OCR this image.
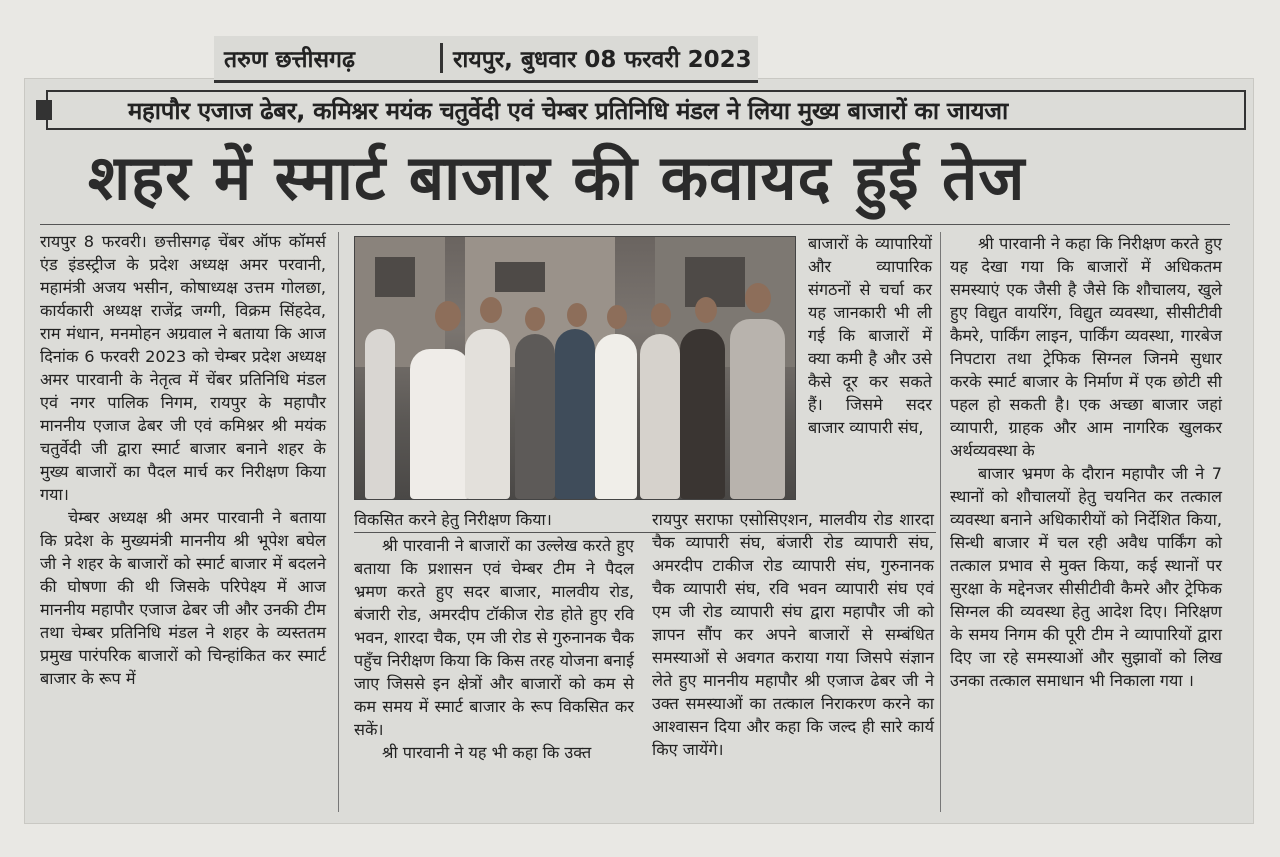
तरुण छत्तीसगढ़	रायपुर, बुधवार 08 फरवरी 2023
महापौर एजाज ढेबर, कमिश्नर मयंक चतुर्वेदी एवं चेम्बर प्रतिनिधि मंडल ने लिया मुख्य बाजारों का जायजा
शहर में स्मार्ट बाजार की कवायद हुई तेज

रायपुर 8 फरवरी। छत्तीसगढ़ चेंबर ऑफ कॉमर्स एंड इंडस्ट्रीज के प्रदेश अध्यक्ष अमर परवानी, महामंत्री अजय भसीन, कोषाध्यक्ष उत्तम गोलछा, कार्यकारी अध्यक्ष राजेंद्र जग्गी, विक्रम सिंहदेव, राम मंधान, मनमोहन अग्रवाल ने बताया कि आज दिनांक 6 फरवरी 2023 को चेम्बर प्रदेश अध्यक्ष अमर पारवानी के नेतृत्व में चेंबर प्रतिनिधि मंडल एवं नगर पालिक निगम, रायपुर के महापौर माननीय एजाज ढेबर जी एवं कमिश्नर श्री मयंक चतुर्वेदी जी द्वारा स्मार्ट बाजार बनाने शहर के मुख्य बाजारों का पैदल मार्च कर निरीक्षण किया गया।

चेम्बर अध्यक्ष श्री अमर पारवानी ने बताया कि प्रदेश के मुख्यमंत्री माननीय श्री भूपेश बघेल जी ने शहर के बाजारों को स्मार्ट बाजार में बदलने की घोषणा की थी जिसके परिपेक्ष्य में आज माननीय महापौर एजाज ढेबर जी और उनकी टीम तथा चेम्बर प्रतिनिधि मंडल ने शहर के व्यस्ततम प्रमुख पारंपरिक बाजारों को चिन्हांकित कर स्मार्ट बाजार के रूप में

विकसित करने हेतु निरीक्षण किया।
बाजारों के व्यापारियों और व्यापारिक संगठनों से चर्चा कर यह जानकारी भी ली गई कि बाजारों में क्या कमी है और उसे कैसे दूर कर सकते हैं। जिसमे सदर बाजार व्यापारी संघ,

श्री पारवानी ने बाजारों का उल्लेख करते हुए बताया कि प्रशासन एवं चेम्बर टीम ने पैदल भ्रमण करते हुए सदर बाजार, मालवीय रोड, बंजारी रोड, अमरदीप टॉकीज रोड होते हुए रवि भवन, शारदा चैक, एम जी रोड से गुरुनानक चैक पहुँच निरीक्षण किया कि किस तरह योजना बनाई जाए जिससे इन क्षेत्रों और बाजारों को कम से कम समय में स्मार्ट बाजार के रूप विकसित कर सकें।

श्री पारवानी ने यह भी कहा कि उक्त

रायपुर सराफा एसोसिएशन, मालवीय रोड शारदा चैक व्यापारी संघ, बंजारी रोड व्यापारी संघ, अमरदीप टाकीज रोड व्यापारी संघ, गुरुनानक चैक व्यापारी संघ, रवि भवन व्यापारी संघ एवं एम जी रोड व्यापारी संघ द्वारा महापौर जी को ज्ञापन सौंप कर अपने बाजारों से सम्बंधित समस्याओं से अवगत कराया गया जिसपे संज्ञान लेते हुए माननीय महापौर श्री एजाज ढेबर जी ने उक्त समस्याओं का तत्काल निराकरण करने का आश्वासन दिया और कहा कि जल्द ही सारे कार्य किए जायेंगे।

श्री पारवानी ने कहा कि निरीक्षण करते हुए यह देखा गया कि बाजारों में अधिकतम समस्याएं एक जैसी है जैसे कि शौचालय, खुले हुए विद्युत वायरिंग, विद्युत व्यवस्था, सीसीटीवी कैमरे, पार्किंग लाइन, पार्किंग व्यवस्था, गारबेज निपटारा तथा ट्रेफिक सिग्नल जिनमे सुधार करके स्मार्ट बाजार के निर्माण में एक छोटी सी पहल हो सकती है। एक अच्छा बाजार जहां व्यापारी, ग्राहक और आम नागरिक खुलकर अर्थव्यवस्था के

बाजार भ्रमण के दौरान महापौर जी ने 7 स्थानों को शौचालयों हेतु चयनित कर तत्काल व्यवस्था बनाने अधिकारीयों को निर्देशित किया, सिन्धी बाजार में चल रही अवैध पार्किंग को तत्काल प्रभाव से मुक्त किया, कई स्थानों पर सुरक्षा के मद्देनजर सीसीटीवी कैमरे और ट्रेफिक सिग्नल की व्यवस्था हेतु आदेश दिए। निरिक्षण के समय निगम की पूरी टीम ने व्यापारियों द्वारा दिए जा रहे समस्याओं और सुझावों को लिख उनका तत्काल समाधान भी निकाला गया ।
